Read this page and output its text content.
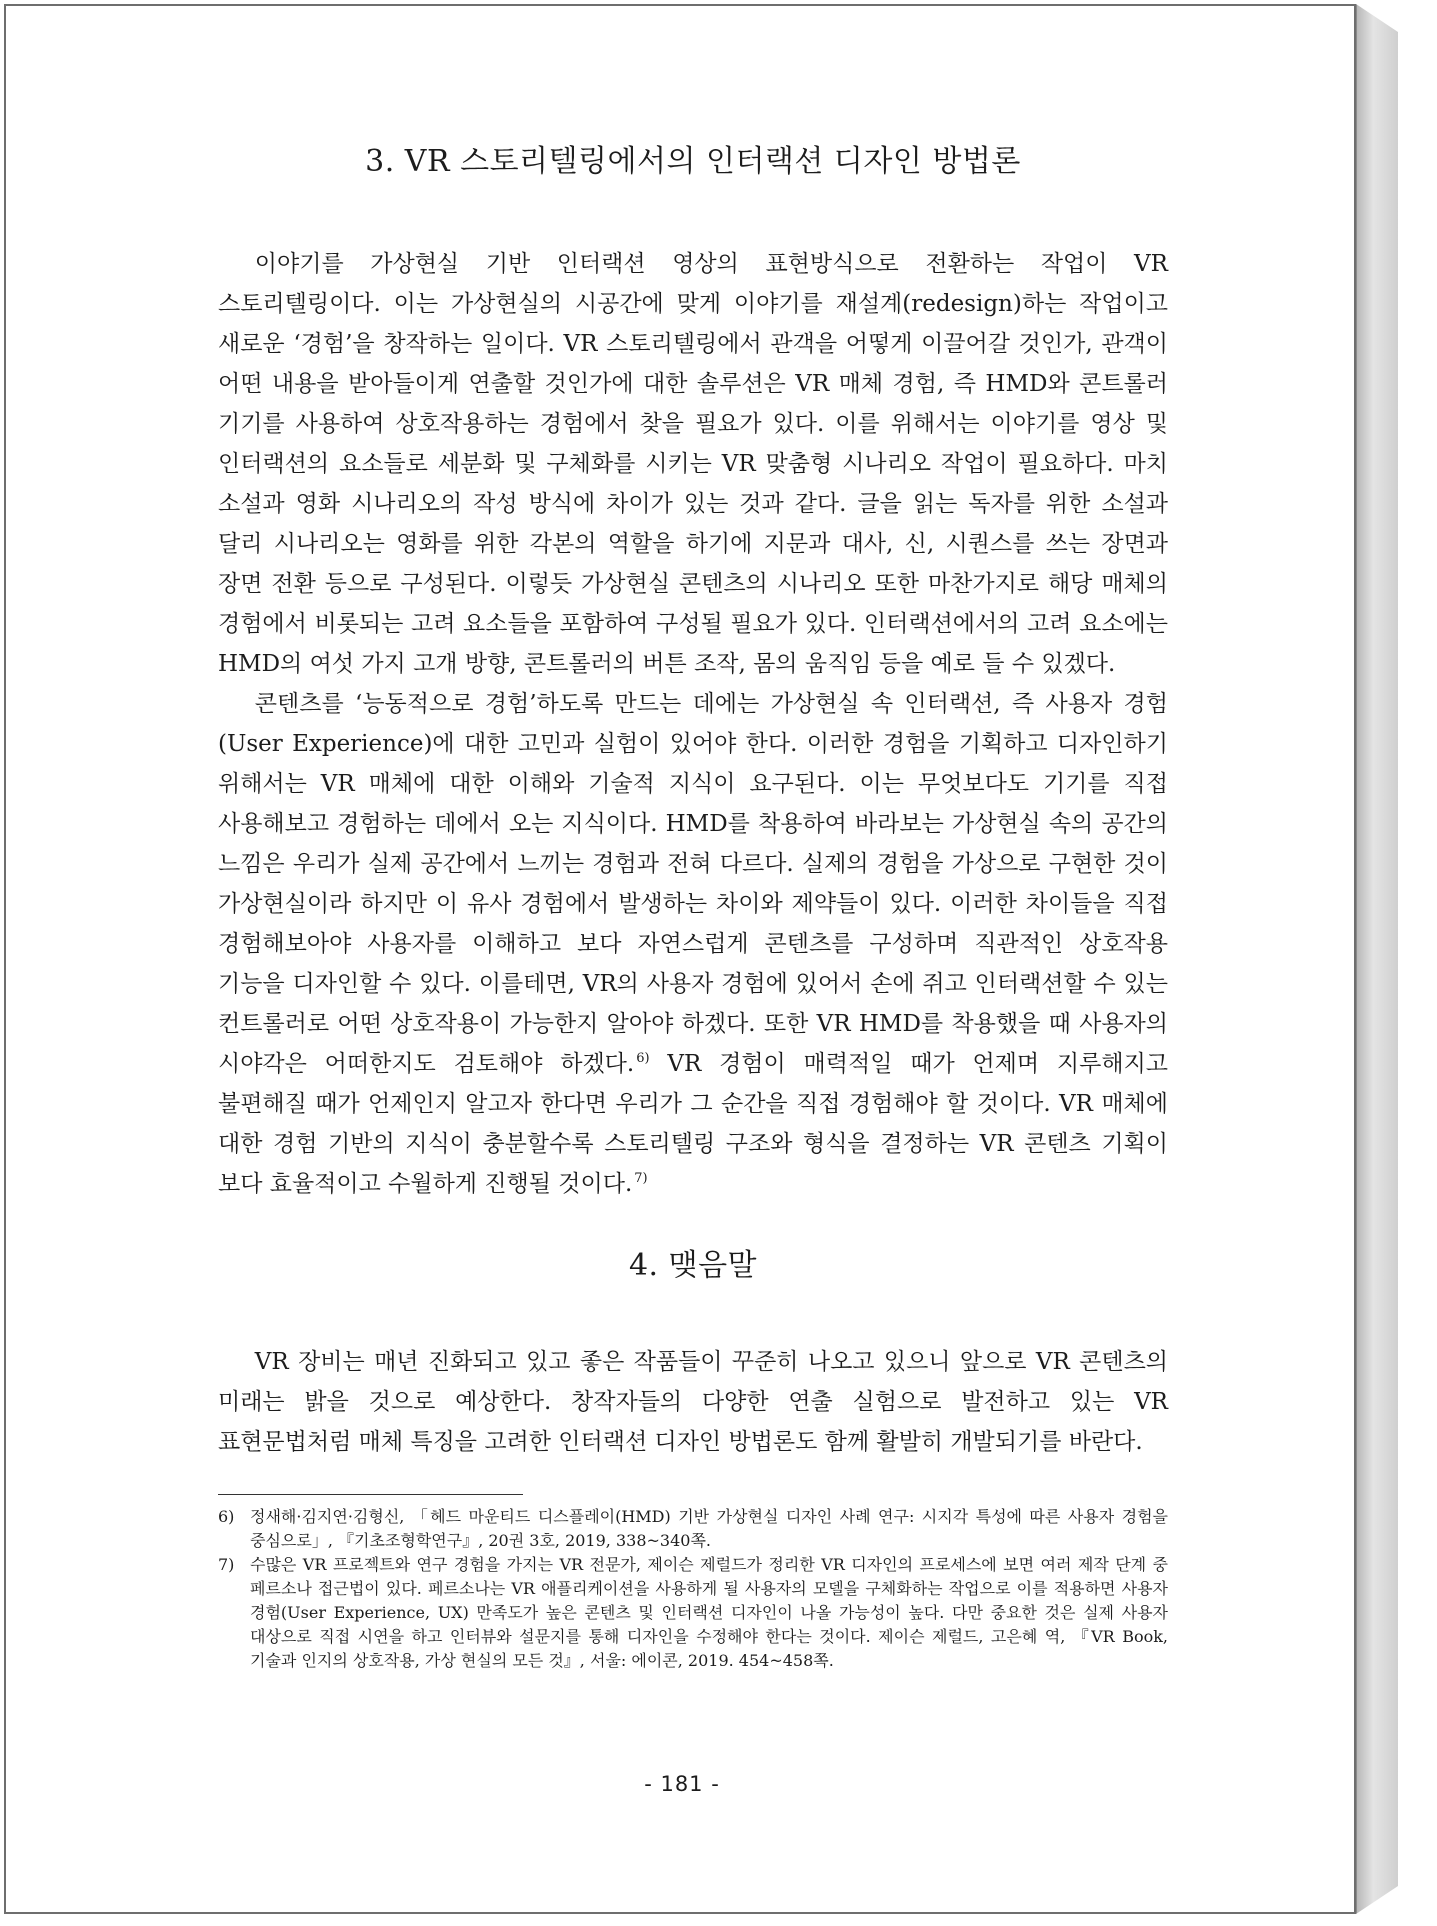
3. VR 스토리텔링에서의 인터랙션 디자인 방법론

이야기를 가상현실 기반 인터랙션 영상의 표현방식으로 전환하는 작업이 VR 스토리텔링이다. 이는 가상현실의 시공간에 맞게 이야기를 재설계(redesign)하는 작업이고 새로운 ‘경험’을 창작하는 일이다. VR 스토리텔링에서 관객을 어떻게 이끌어갈 것인가, 관객이 어떤 내용을 받아들이게 연출할 것인가에 대한 솔루션은 VR 매체 경험, 즉 HMD와 콘트롤러 기기를 사용하여 상호작용하는 경험에서 찾을 필요가 있다. 이를 위해서는 이야기를 영상 및 인터랙션의 요소들로 세분화 및 구체화를 시키는 VR 맞춤형 시나리오 작업이 필요하다. 마치 소설과 영화 시나리오의 작성 방식에 차이가 있는 것과 같다. 글을 읽는 독자를 위한 소설과 달리 시나리오는 영화를 위한 각본의 역할을 하기에 지문과 대사, 신, 시퀀스를 쓰는 장면과 장면 전환 등으로 구성된다. 이렇듯 가상현실 콘텐츠의 시나리오 또한 마찬가지로 해당 매체의 경험에서 비롯되는 고려 요소들을 포함하여 구성될 필요가 있다. 인터랙션에서의 고려 요소에는 HMD의 여섯 가지 고개 방향, 콘트롤러의 버튼 조작, 몸의 움직임 등을 예로 들 수 있겠다.

콘텐츠를 ‘능동적으로 경험’하도록 만드는 데에는 가상현실 속 인터랙션, 즉 사용자 경험(User Experience)에 대한 고민과 실험이 있어야 한다. 이러한 경험을 기획하고 디자인하기 위해서는 VR 매체에 대한 이해와 기술적 지식이 요구된다. 이는 무엇보다도 기기를 직접 사용해보고 경험하는 데에서 오는 지식이다. HMD를 착용하여 바라보는 가상현실 속의 공간의 느낌은 우리가 실제 공간에서 느끼는 경험과 전혀 다르다. 실제의 경험을 가상으로 구현한 것이 가상현실이라 하지만 이 유사 경험에서 발생하는 차이와 제약들이 있다. 이러한 차이들을 직접 경험해보아야 사용자를 이해하고 보다 자연스럽게 콘텐츠를 구성하며 직관적인 상호작용 기능을 디자인할 수 있다. 이를테면, VR의 사용자 경험에 있어서 손에 쥐고 인터랙션할 수 있는 컨트롤러로 어떤 상호작용이 가능한지 알아야 하겠다. 또한 VR HMD를 착용했을 때 사용자의 시야각은 어떠한지도 검토해야 하겠다. $^{6)}$ VR 경험이 매력적일 때가 언제며 지루해지고 불편해질 때가 언제인지 알고자 한다면 우리가 그 순간을 직접 경험해야 할 것이다. VR 매체에 대한 경험 기반의 지식이 충분할수록 스토리텔링 구조와 형식을 결정하는 VR 콘텐츠 기획이 보다 효율적이고 수월하게 진행될 것이다. $^{7)}$

4. 맺음말

VR 장비는 매년 진화되고 있고 좋은 작품들이 꾸준히 나오고 있으니 앞으로 VR 콘텐츠의 미래는 밝을 것으로 예상한다. 창작자들의 다양한 연출 실험으로 발전하고 있는 VR 표현문법처럼 매체 특징을 고려한 인터랙션 디자인 방법론도 함께 활발히 개발되기를 바란다.

6) 정새해·김지연·김형신, 「헤드 마운티드 디스플레이(HMD) 기반 가상현실 디자인 사례 연구: 시지각 특성에 따른 사용자 경험을 중심으로」, 『기초조형학연구』, 20권 3호, 2019, 338~340쪽.
7) 수많은 VR 프로젝트와 연구 경험을 가지는 VR 전문가, 제이슨 제럴드가 정리한 VR 디자인의 프로세스에 보면 여러 제작 단계 중 페르소나 접근법이 있다. 페르소나는 VR 애플리케이션을 사용하게 될 사용자의 모델을 구체화하는 작업으로 이를 적용하면 사용자 경험(User Experience, UX) 만족도가 높은 콘텐츠 및 인터랙션 디자인이 나올 가능성이 높다. 다만 중요한 것은 실제 사용자 대상으로 직접 시연을 하고 인터뷰와 설문지를 통해 디자인을 수정해야 한다는 것이다. 제이슨 제럴드, 고은혜 역, 『VR Book, 기술과 인지의 상호작용, 가상 현실의 모든 것』, 서울: 에이콘, 2019. 454~458쪽.
- 181 -
